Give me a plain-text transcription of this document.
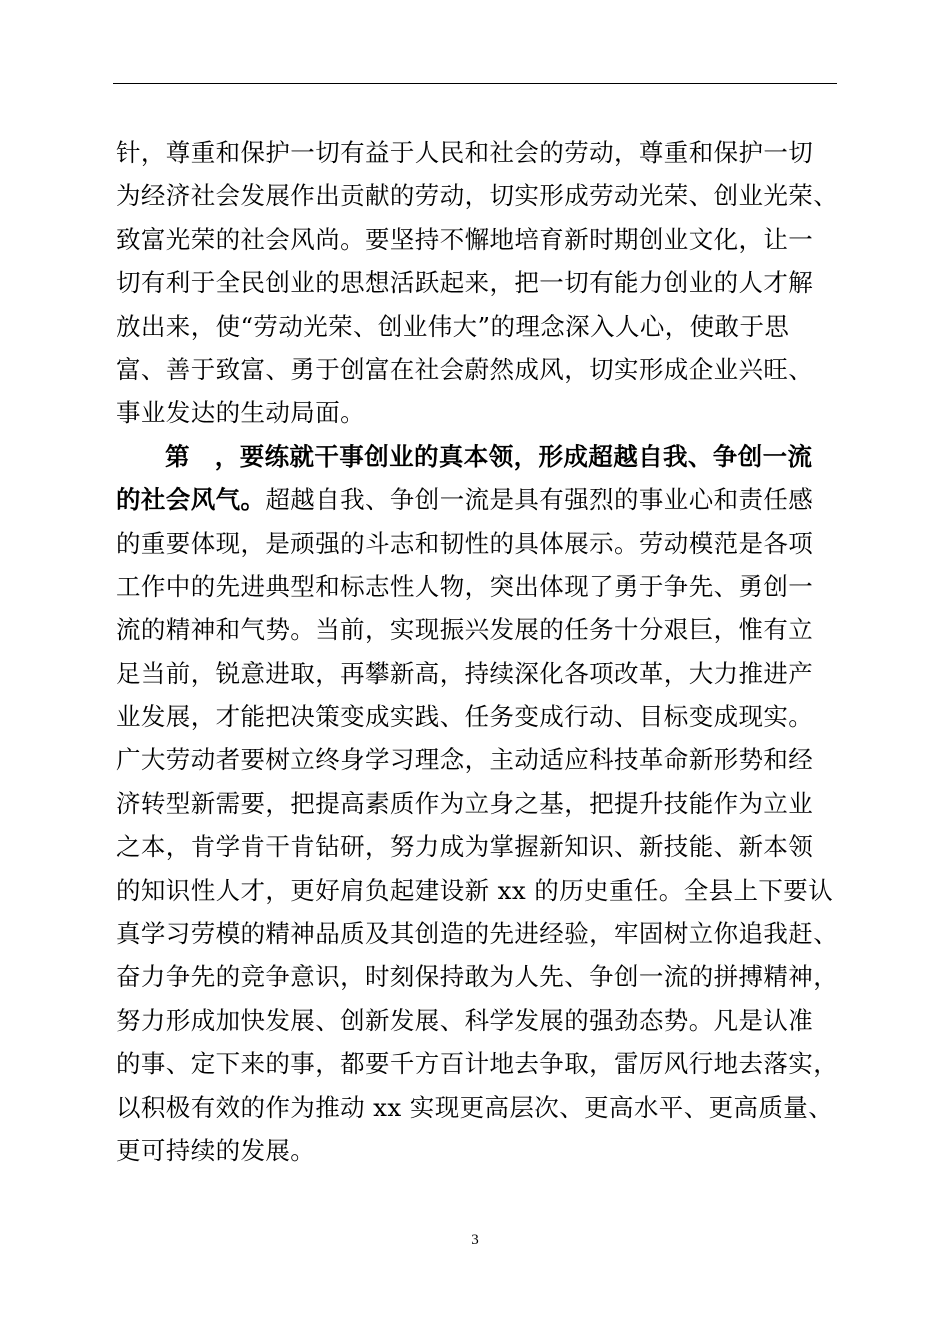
针，尊重和保护一切有益于人民和社会的劳动，尊重和保护一切
为经济社会发展作出贡献的劳动，切实形成劳动光荣、创业光荣、
致富光荣的社会风尚。要坚持不懈地培育新时期创业文化，让一
切有利于全民创业的思想活跃起来，把一切有能力创业的人才解
放出来，使“劳动光荣、创业伟大”的理念深入人心，使敢于思
富、善于致富、勇于创富在社会蔚然成风，切实形成企业兴旺、
事业发达的生动局面。
第　，要练就干事创业的真本领，形成超越自我、争创一流
的社会风气。超越自我、争创一流是具有强烈的事业心和责任感
的重要体现，是顽强的斗志和韧性的具体展示。劳动模范是各项
工作中的先进典型和标志性人物，突出体现了勇于争先、勇创一
流的精神和气势。当前，实现振兴发展的任务十分艰巨，惟有立
足当前，锐意进取，再攀新高，持续深化各项改革，大力推进产
业发展，才能把决策变成实践、任务变成行动、目标变成现实。
广大劳动者要树立终身学习理念，主动适应科技革命新形势和经
济转型新需要，把提高素质作为立身之基，把提升技能作为立业
之本，肯学肯干肯钻研，努力成为掌握新知识、新技能、新本领
的知识性人才，更好肩负起建设新 xx 的历史重任。全县上下要认
真学习劳模的精神品质及其创造的先进经验，牢固树立你追我赶、
奋力争先的竞争意识，时刻保持敢为人先、争创一流的拼搏精神，
努力形成加快发展、创新发展、科学发展的强劲态势。凡是认准
的事、定下来的事，都要千方百计地去争取，雷厉风行地去落实，
以积极有效的作为推动 xx 实现更高层次、更高水平、更高质量、
更可持续的发展。
3
